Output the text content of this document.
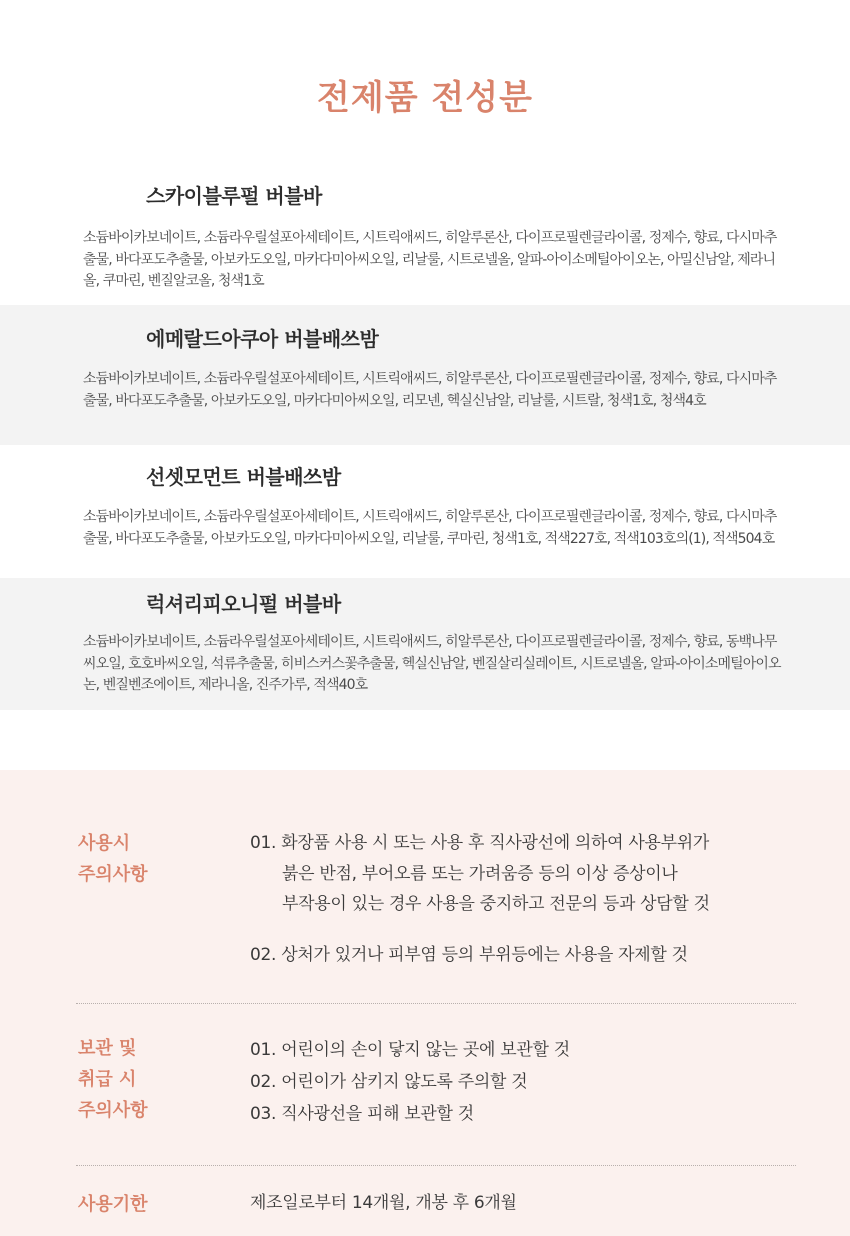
전제품 전성분
스카이블루펄 버블바

소듐바이카보네이트, 소듐라우릴설포아세테이트, 시트릭애씨드, 히알루론산, 다이프로필렌글라이콜, 정제수, 향료, 다시마추출물, 바다포도추출물, 아보카도오일, 마카다미아씨오일, 리날룰, 시트로넬올, 알파-아이소메틸아이오논, 아밀신남알, 제라니올, 쿠마린, 벤질알코올, 청색1호

에메랄드아쿠아 버블배쓰밤

소듐바이카보네이트, 소듐라우릴설포아세테이트, 시트릭애씨드, 히알루론산, 다이프로필렌글라이콜, 정제수, 향료, 다시마추출물, 바다포도추출물, 아보카도오일, 마카다미아씨오일, 리모넨, 헥실신남알, 리날룰, 시트랄, 청색1호, 청색4호

선셋모먼트 버블배쓰밤

소듐바이카보네이트, 소듐라우릴설포아세테이트, 시트릭애씨드, 히알루론산, 다이프로필렌글라이콜, 정제수, 향료, 다시마추출물, 바다포도추출물, 아보카도오일, 마카다미아씨오일, 리날룰, 쿠마린, 청색1호, 적색227호, 적색103호의(1), 적색504호

럭셔리피오니펄 버블바

소듐바이카보네이트, 소듐라우릴설포아세테이트, 시트릭애씨드, 히알루론산, 다이프로필렌글라이콜, 정제수, 향료, 동백나무씨오일, 호호바씨오일, 석류추출물, 히비스커스꽃추출물, 헥실신남알, 벤질살리실레이트, 시트로넬올, 알파-아이소메틸아이오논, 벤질벤조에이트, 제라니올, 진주가루, 적색40호

사용시
주의사항
01. 화장품 사용 시 또는 사용 후 직사광선에 의하여 사용부위가
붉은 반점, 부어오름 또는 가려움증 등의 이상 증상이나
부작용이 있는 경우 사용을 중지하고 전문의 등과 상담할 것
02. 상처가 있거나 피부염 등의 부위등에는 사용을 자제할 것
보관 및
취급 시
주의사항
01. 어린이의 손이 닿지 않는 곳에 보관할 것
02. 어린이가 삼키지 않도록 주의할 것
03. 직사광선을 피해 보관할 것
사용기한	제조일로부터 14개월, 개봉 후 6개월
